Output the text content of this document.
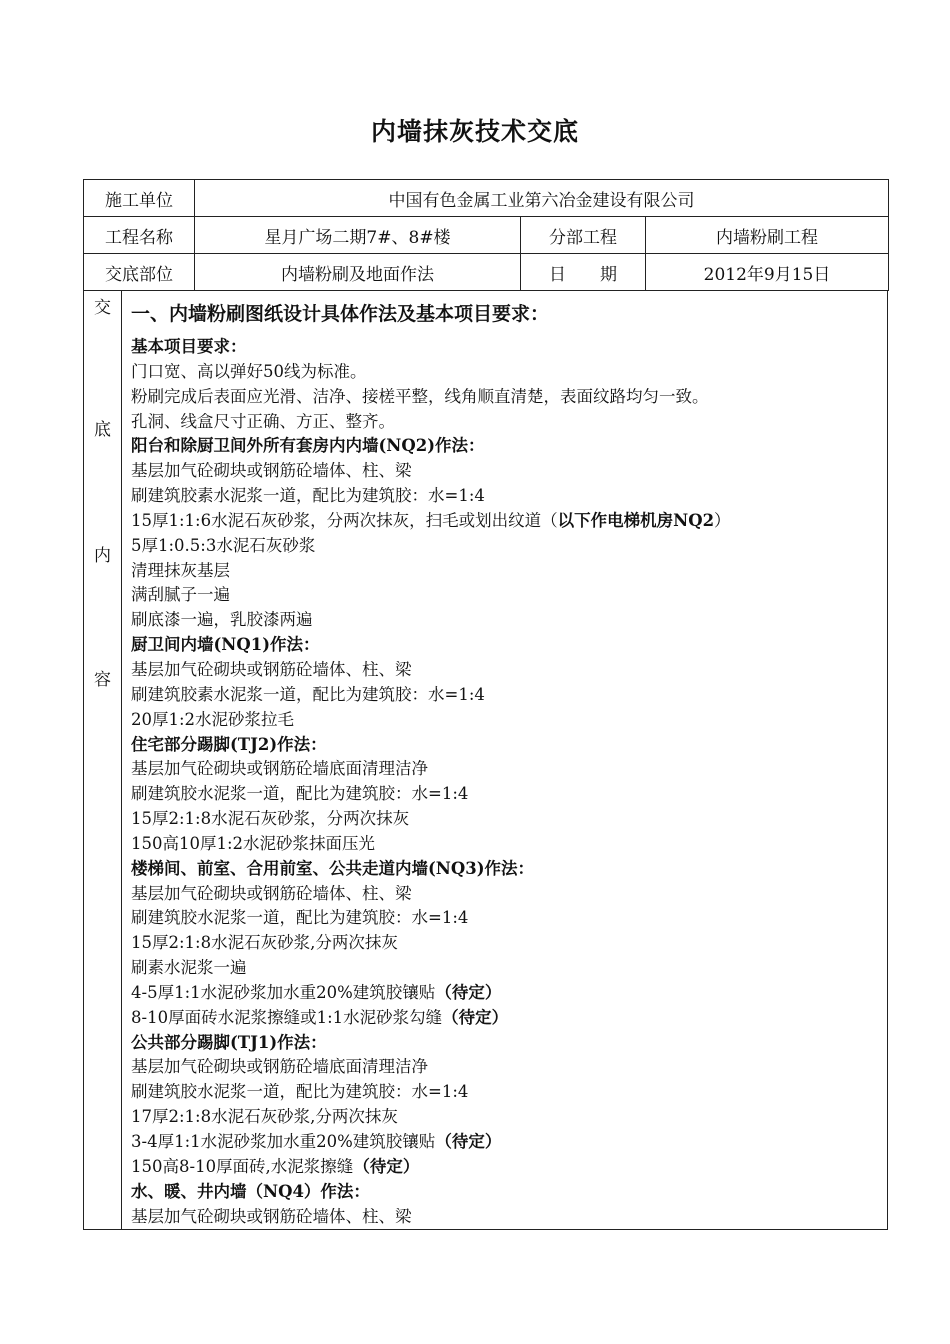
内墙抹灰技术交底
施工单位	中国有色金属工业第六冶金建设有限公司		
工程名称	星月广场二期7#、8#楼	分部工程	内墙粉刷工程
交底部位	内墙粉刷及地面作法	日　　期	2012年9月15日
交
底
内
容
一、内墙粉刷图纸设计具体作法及基本项目要求：
基本项目要求：
门口宽、高以弹好50线为标准。
粉刷完成后表面应光滑、洁净、接槎平整，线角顺直清楚，表面纹路均匀一致。
孔洞、线盒尺寸正确、方正、整齐。
阳台和除厨卫间外所有套房内内墙(NQ2)作法：
基层加气砼砌块或钢筋砼墙体、柱、梁
刷建筑胶素水泥浆一道，配比为建筑胶：水=1:4
15厚1:1:6水泥石灰砂浆，分两次抹灰，扫毛或划出纹道（以下作电梯机房NQ2）
5厚1:0.5:3水泥石灰砂浆
清理抹灰基层
满刮腻子一遍
刷底漆一遍，乳胶漆两遍
厨卫间内墙(NQ1)作法：
基层加气砼砌块或钢筋砼墙体、柱、梁
刷建筑胶素水泥浆一道，配比为建筑胶：水=1:4
20厚1:2水泥砂浆拉毛
住宅部分踢脚(TJ2)作法：
基层加气砼砌块或钢筋砼墙底面清理洁净
刷建筑胶水泥浆一道，配比为建筑胶：水=1:4
15厚2:1:8水泥石灰砂浆，分两次抹灰
150高10厚1:2水泥砂浆抹面压光
楼梯间、前室、合用前室、公共走道内墙(NQ3)作法：
基层加气砼砌块或钢筋砼墙体、柱、梁
刷建筑胶水泥浆一道，配比为建筑胶：水=1:4
15厚2:1:8水泥石灰砂浆,分两次抹灰
刷素水泥浆一遍
4-5厚1:1水泥砂浆加水重20%建筑胶镶贴（待定）
8-10厚面砖水泥浆擦缝或1:1水泥砂浆勾缝（待定）
公共部分踢脚(TJ1)作法：
基层加气砼砌块或钢筋砼墙底面清理洁净
刷建筑胶水泥浆一道，配比为建筑胶：水=1:4
17厚2:1:8水泥石灰砂浆,分两次抹灰
3-4厚1:1水泥砂浆加水重20%建筑胶镶贴（待定）
150高8-10厚面砖,水泥浆擦缝（待定）
水、暖、井内墙（NQ4）作法：
基层加气砼砌块或钢筋砼墙体、柱、梁
